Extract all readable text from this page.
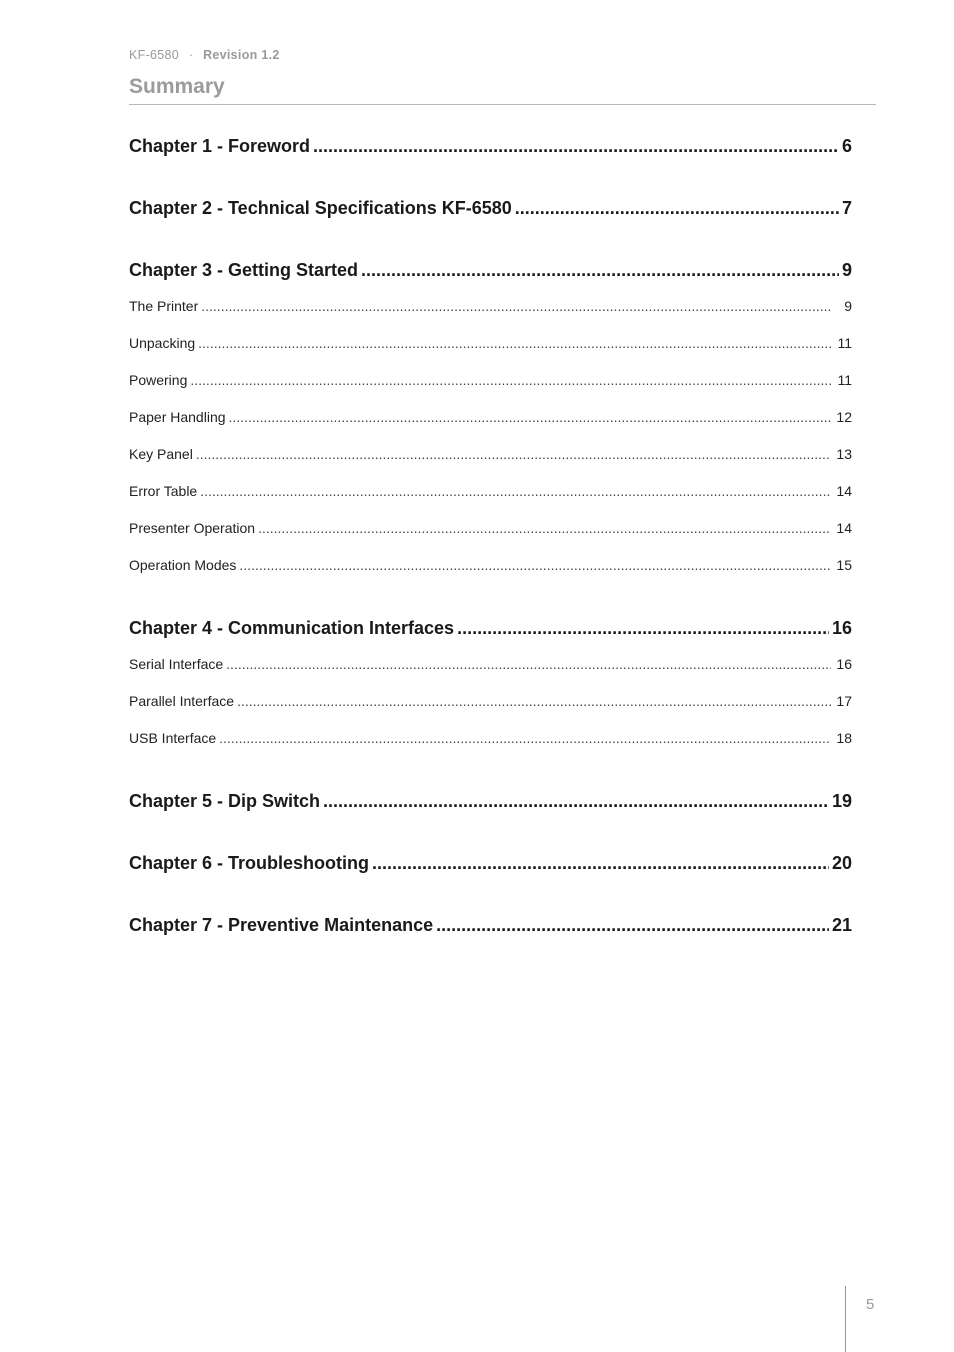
KF-6580 · Revision 1.2
Summary
Chapter 1 - Foreword .....	6
Chapter 2 - Technical Specifications KF-6580 .....	7
Chapter 3 - Getting Started .....	9
The Printer .....	9
Unpacking .....	11
Powering .....	11
Paper Handling .....	12
Key Panel .....	13
Error Table .....	14
Presenter Operation .....	14
Operation Modes .....	15
Chapter 4 - Communication Interfaces .....	16
Serial Interface .....	16
Parallel Interface .....	17
USB Interface .....	18
Chapter 5 - Dip Switch .....	19
Chapter 6 - Troubleshooting .....	20
Chapter 7 - Preventive Maintenance .....	21
5
